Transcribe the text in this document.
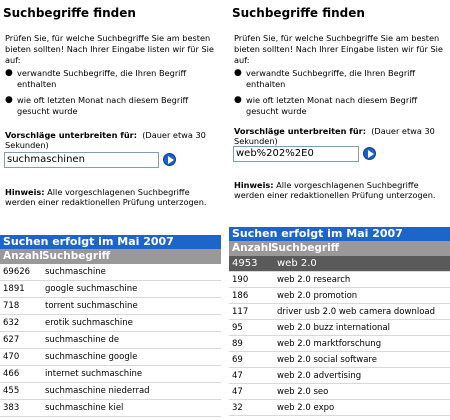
Suchbegriffe finden
Prüfen Sie, für welche Suchbegriffe Sie am besten bieten sollten! Nach Ihrer Eingabe listen wir für Sie auf:
● verwandte Suchbegriffe, die Ihren Begriff enthalten
● wie oft letzten Monat nach diesem Begriff gesucht wurde
Vorschläge unterbreiten für: (Dauer etwa 30 Sekunden)
suchmaschinen
Hinweis: Alle vorgeschlagenen Suchbegriffe werden einer redaktionellen Prüfung unterzogen.
Suchen erfolgt im Mai 2007
Anzahl Suchbegriff
69626 suchmaschine
1891 google suchmaschine
718	torrent suchmaschine
632	erotik suchmaschine
627	suchmaschine de
470	suchmaschine google
466	internet suchmaschine
455	suchmaschine niederrad
383	suchmaschine kiel
Suchbegriffe finden
Prüfen Sie, für welche Suchbegriffe Sie am besten bieten sollten! Nach Ihrer Eingabe listen wir für Sie auf:
● verwandte Suchbegriffe, die Ihren Begriff enthalten
● wie oft letzten Monat nach diesem Begriff gesucht wurde
Vorschläge unterbreiten für: (Dauer etwa 30 Sekunden)
web%202%2E0
Hinweis: Alle vorgeschlagenen Suchbegriffe werden einer redaktionellen Prüfung unterzogen.
Suchen erfolgt im Mai 2007
Anzahl Suchbegriff
4953 web 2.0
190	web 2.0 research
186	web 2.0 promotion
117	driver usb 2.0 web camera download
95	web 2.0 buzz international
89	web 2.0 marktforschung
69	web 2.0 social software
47	web 2.0 advertising
47	web 2.0 seo
32	web 2.0 expo
